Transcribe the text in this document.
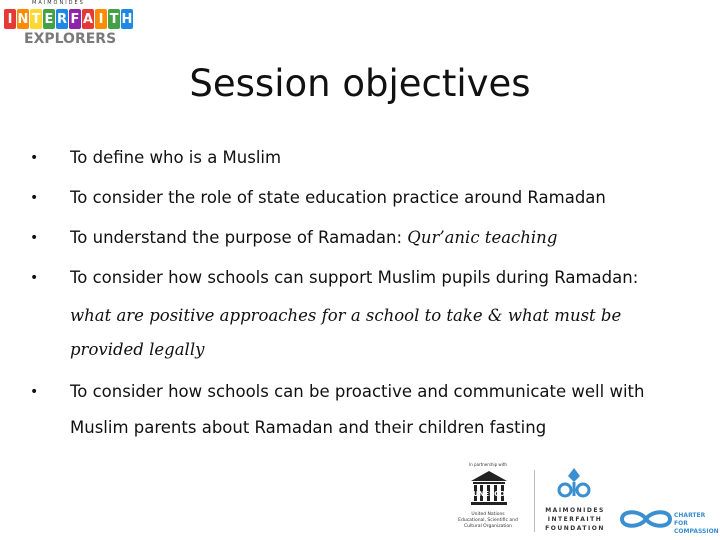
MAIMONIDES
I N T E R F A I T H
EXPLORERS
Session objectives
•	To define who is a Muslim
•	To consider the role of state education practice around Ramadan
•	To understand the purpose of Ramadan: Qur’anic teaching
•	To consider how schools can support Muslim pupils during Ramadan:
what are positive approaches for a school to take & what must be
provided legally
•	To consider how schools can be proactive and communicate well with
Muslim parents about Ramadan and their children fasting
In partnership with
UNESCO
United Nations
Educational, Scientific and
Cultural Organization
MAIMONIDES
INTERFAITH
FOUNDATION
CHARTER FOR
COMPASSION
